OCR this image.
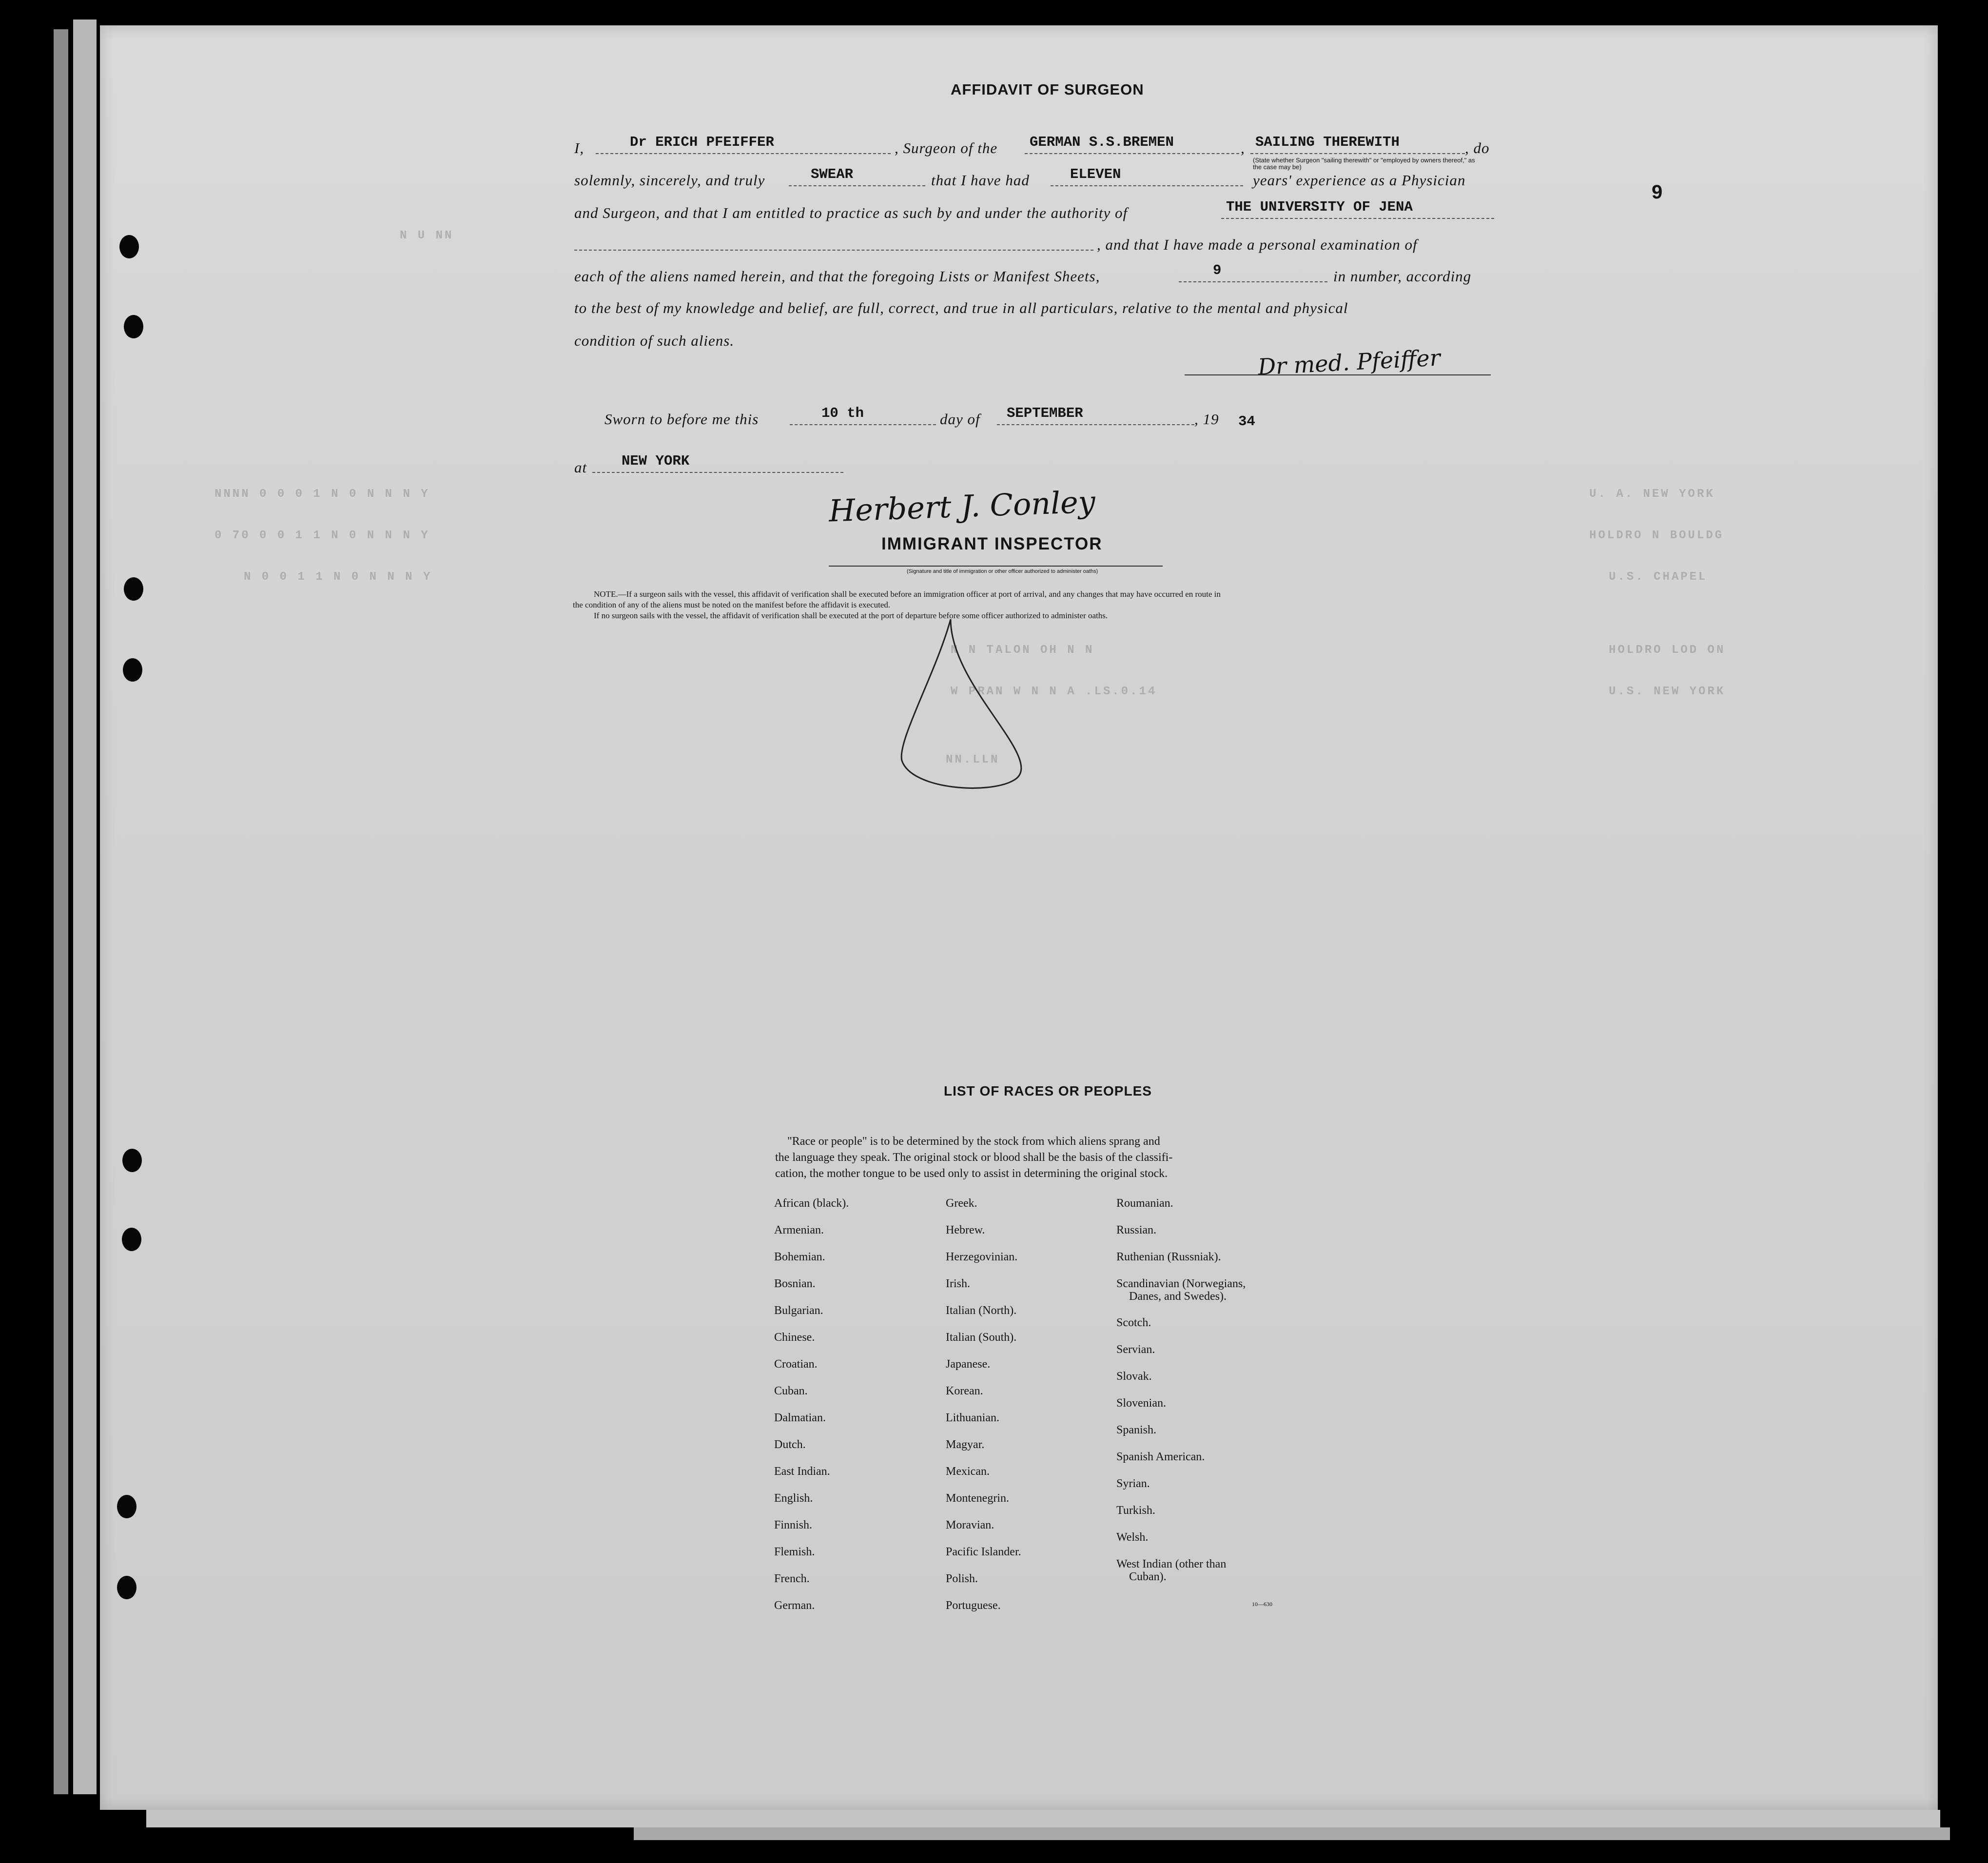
N U NN
NNNN 0 0 0 1 N 0 N N N Y
0 70 0 0 1 1 N 0 N N N Y
N 0 0 1 1 N 0 N N N Y
U. A. NEW YORK
HOLDRO N BOULDG
U.S. CHAPEL
HOLDRO LOD ON
U.S. NEW YORK
N N TALON OH N N
W PRAN W N N A .LS.0.14
NN.LLN
9
AFFIDAVIT OF SURGEON
I,	Dr ERICH PFEIFFER	, Surgeon of the GERMAN S.S.BREMEN	, SAILING THEREWITH	, do
(State whether Surgeon "sailing therewith" or "employed by owners thereof," as the case may be)
solemnly, sincerely, and truly	SWEAR	that I have had	ELEVEN	years' experience as a Physician
and Surgeon, and that I am entitled to practice as such by and under the authority of	THE UNIVERSITY OF JENA
, and that I have made a personal examination of
each of the aliens named herein, and that the foregoing Lists or Manifest Sheets,	9	in number, according
to the best of my knowledge and belief, are full, correct, and true in all particulars, relative to the mental and physical
condition of such aliens.
Dr med. Pfeiffer
Sworn to before me this	10 th	day of SEPTEMBER	, 19 34
at NEW YORK
Herbert J. Conley
IMMIGRANT INSPECTOR
(Signature and title of immigration or other officer authorized to administer oaths)
NOTE.—If a surgeon sails with the vessel, this affidavit of verification shall be executed before an immigration officer at port of arrival, and any changes that may have occurred en route in
the condition of any of the aliens must be noted on the manifest before the affidavit is executed.
If no surgeon sails with the vessel, the affidavit of verification shall be executed at the port of departure before some officer authorized to administer oaths.
LIST OF RACES OR PEOPLES
"Race or people" is to be determined by the stock from which aliens sprang and
the language they speak. The original stock or blood shall be the basis of the classifi-
cation, the mother tongue to be used only to assist in determining the original stock.
African (black).
Armenian.
Bohemian.
Bosnian.
Bulgarian.
Chinese.
Croatian.
Cuban.
Dalmatian.
Dutch.
East Indian.
English.
Finnish.
Flemish.
French.
German.
Greek.
Hebrew.
Herzegovinian.
Irish.
Italian (North).
Italian (South).
Japanese.
Korean.
Lithuanian.
Magyar.
Mexican.
Montenegrin.
Moravian.
Pacific Islander.
Polish.
Portuguese.
Roumanian.
Russian.
Ruthenian (Russniak).
Scandinavian (Norwegians,
Danes, and Swedes).
Scotch.
Servian.
Slovak.
Slovenian.
Spanish.
Spanish American.
Syrian.
Turkish.
Welsh.
West Indian (other than
Cuban).
10—630
